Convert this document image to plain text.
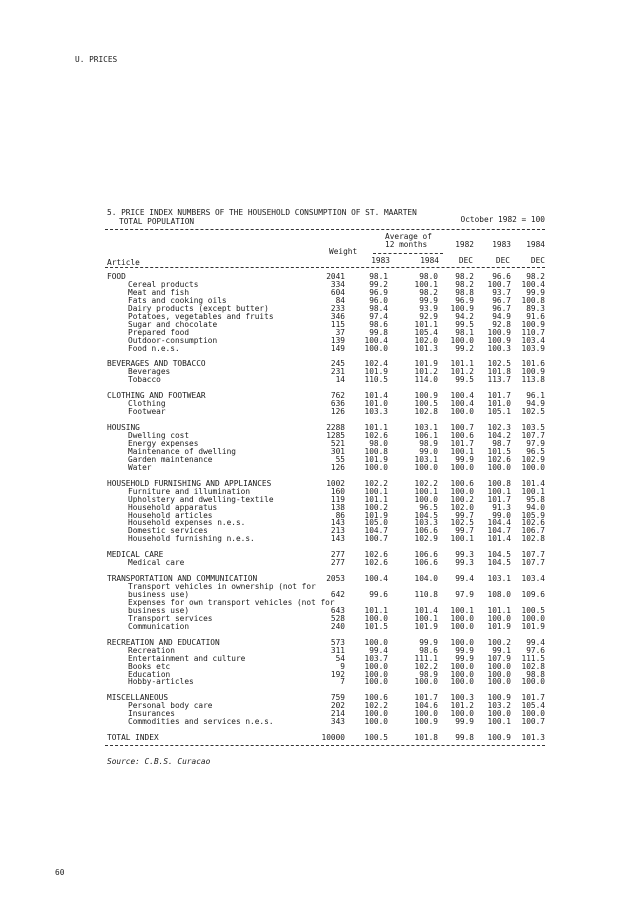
U. PRICES
5. PRICE INDEX NUMBERS OF THE HOUSEHOLD CONSUMPTION OF ST. MAARTEN
TOTAL POPULATION	October 1982 = 100
Average of
12 months	1982 1983 1984
Weight
Article	1983	1984	DEC	DEC	DEC
FOOD	2041	98.1	98.0 98.2 96.6 98.2
Cereal products	334	99.2	100.1 98.2 100.7 100.4
Meat and fish	604	96.9	98.2 98.8 93.7 99.9
Fats and cooking oils	84	96.0	99.9 96.9 96.7 100.8
Dairy products (except butter)	233	98.4	93.9 100.9 96.7 89.3
Potatoes, vegetables and fruits	346	97.4	92.9 94.2 94.9 91.6
Sugar and chocolate	115	98.6	101.1 99.5 92.8 100.9
Prepared food	37	99.8	105.4 98.1 100.9 110.7
Outdoor-consumption	139	100.4	102.0 100.0 100.9 103.4
Food n.e.s.	149	100.0	101.3 99.2 100.3 103.9
BEVERAGES AND TOBACCO	245	102.4	101.9 101.1 102.5 101.6
Beverages	231	101.9	101.2 101.2 101.8 100.9
Tobacco	14	110.5	114.0 99.5 113.7 113.8
CLOTHING AND FOOTWEAR	762	101.4	100.9 100.4 101.7 96.1
Clothing	636	101.0	100.5 100.4 101.0 94.9
Footwear	126	103.3	102.8 100.0 105.1 102.5
HOUSING	2288	101.1	103.1 100.7 102.3 103.5
Dwelling cost	1285	102.6	106.1 100.6 104.2 107.7
Energy expenses	521	98.0	98.9 101.7 98.7 97.9
Maintenance of dwelling	301	100.8	99.0 100.1 101.5 96.5
Garden maintenance	55	101.9	103.1 99.9 102.6 102.9
Water	126	100.0	100.0 100.0 100.0 100.0
HOUSEHOLD FURNISHING AND APPLIANCES	1002	102.2	102.2 100.6 100.8 101.4
Furniture and illumination	160	100.1	100.1 100.0 100.1 100.1
Upholstery and dwelling-textile	119	101.1	100.0 100.2 101.7 95.8
Household apparatus	138	100.2	96.5 102.0 91.3 94.0
Household articles	86	101.9	104.5 99.7 99.0 105.9
Household expenses n.e.s.	143	105.0	103.3 102.5 104.4 102.6
Domestic services	213	104.7	106.6 99.7 104.7 106.7
Household furnishing n.e.s.	143	100.7	102.9 100.1 101.4 102.8
MEDICAL CARE	277	102.6	106.6 99.3 104.5 107.7
Medical care	277	102.6	106.6 99.3 104.5 107.7
TRANSPORTATION AND COMMUNICATION	2053	100.4	104.0 99.4 103.1 103.4
Transport vehicles in ownership (not for
business use)	642	99.6	110.8 97.9 108.0 109.6
Expenses for own transport vehicles (not for
business use)	643	101.1	101.4 100.1 101.1 100.5
Transport services	528	100.0	100.1 100.0 100.0 100.0
Communication	240	101.5	101.9 100.0 101.9 101.9
RECREATION AND EDUCATION	573	100.0	99.9 100.0 100.2 99.4
Recreation	311	99.4	98.6 99.9 99.1 97.6
Entertainment and culture	54	103.7	111.1 99.9 107.9 111.5
Books etc	9	100.0	102.2 100.0 100.0 102.8
Education	192	100.0	98.9 100.0 100.0 98.8
Hobby-articles	7	100.0	100.0 100.0 100.0 100.0
MISCELLANEOUS	759	100.6	101.7 100.3 100.9 101.7
Personal body care	202	102.2	104.6 101.2 103.2 105.4
Insurances	214	100.0	100.0 100.0 100.0 100.0
Commodities and services n.e.s.	343	100.0	100.9 99.9 100.1 100.7
TOTAL INDEX	10000	100.5	101.8 99.8 100.9 101.3
Source: C.B.S. Curacao
60
